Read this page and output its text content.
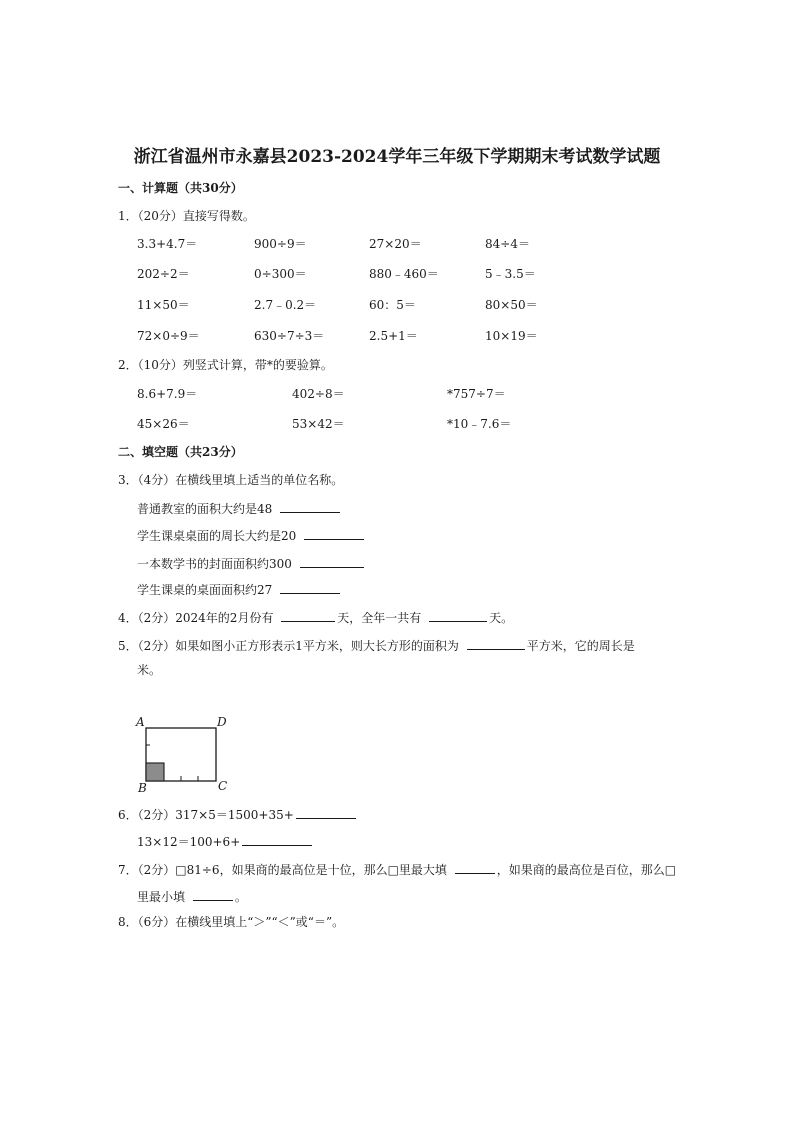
浙江省温州市永嘉县2023-2024学年三年级下学期期末考试数学试题
一、计算题（共30分）
1．（20分）直接写得数。
3.3+4.7＝	900÷9＝	27×20＝	84÷4＝
202÷2＝	0÷300＝	880﹣460＝	5﹣3.5＝
11×50＝	2.7﹣0.2＝	60：5＝	80×50＝
72×0÷9＝	630÷7÷3＝	2.5+1＝	10×19＝
2．（10分）列竖式计算，带*的要验算。
8.6+7.9＝	402÷8＝	*757÷7＝
45×26＝	53×42＝	*10﹣7.6＝
二、填空题（共23分）
3．（4分）在横线里填上适当的单位名称。
普通教室的面积大约是48
学生课桌桌面的周长大约是20
一本数学书的封面面积约300
学生课桌的桌面面积约27
4．（2分）2024年的2月份有	天，全年一共有	天。
5．（2分）如果如图小正方形表示1平方米，则大长方形的面积为	平方米，它的周长是
米。
A	D
B	C
6．（2分）317×5＝1500+35+
13×12＝100+6+
7．（2分）□81÷6，如果商的最高位是十位，那么□里最大填	，如果商的最高位是百位，那么□
里最小填	。
8．（6分）在横线里填上“＞”“＜”或“＝”。
